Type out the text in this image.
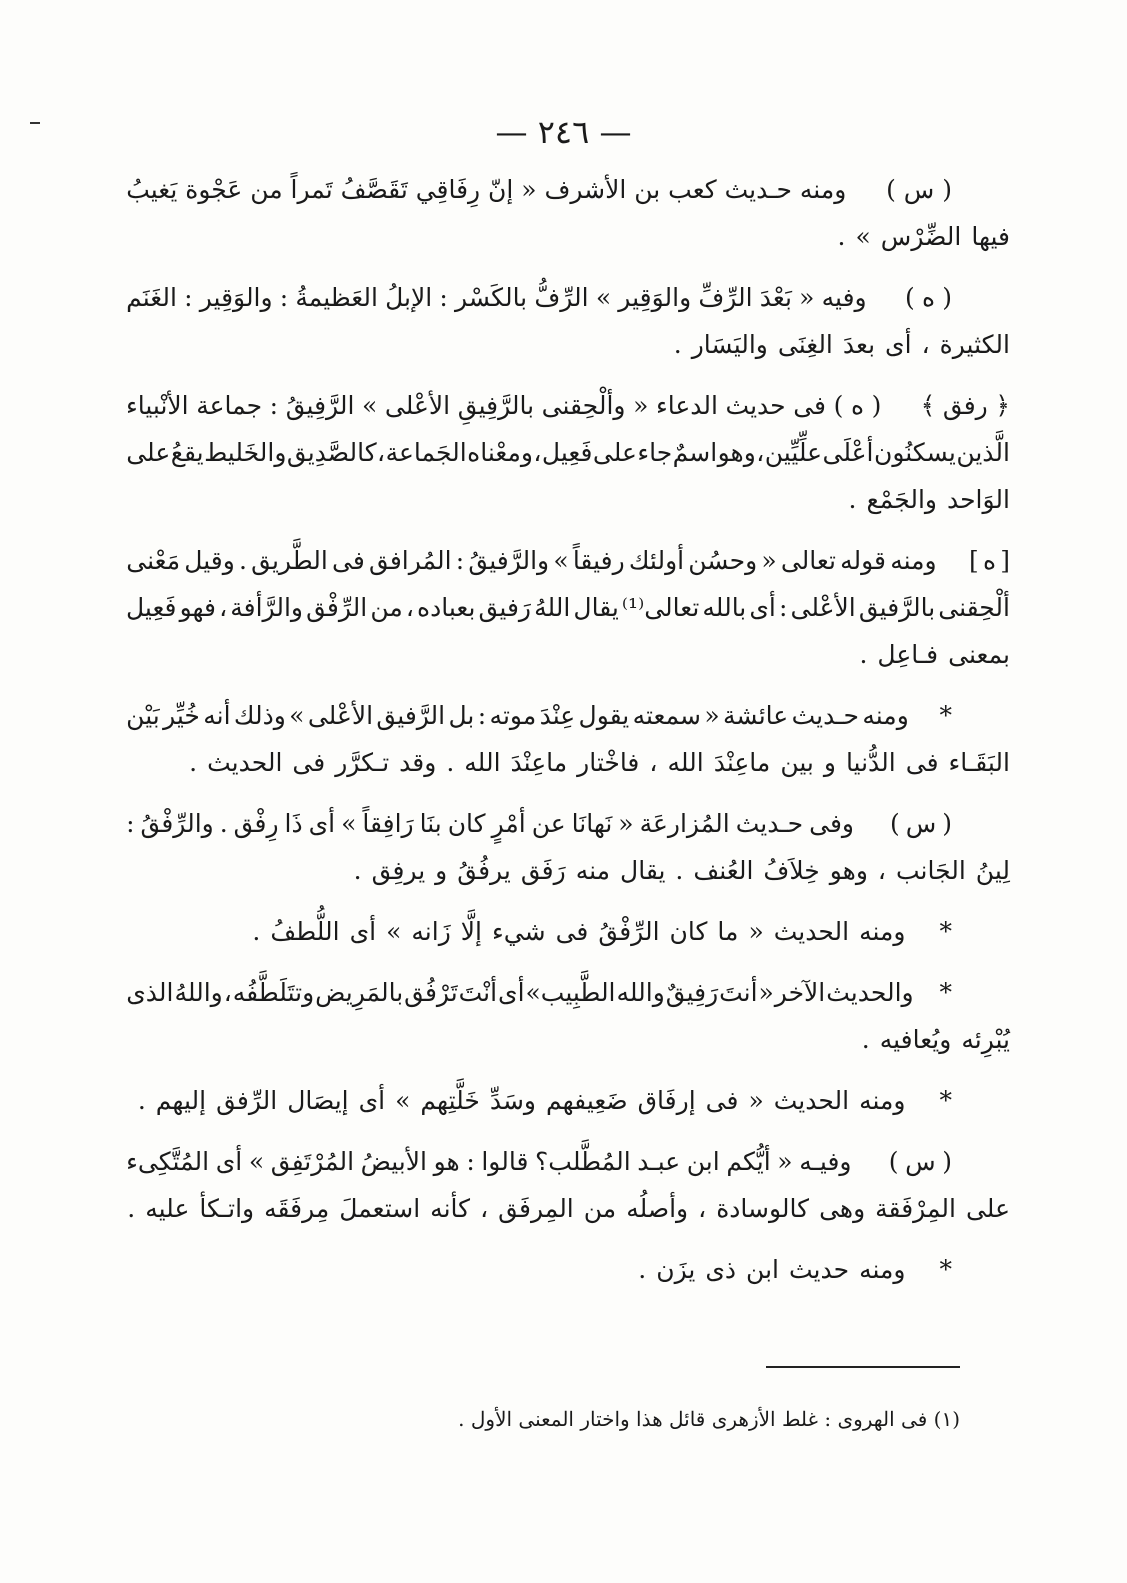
— ٢٤٦ —
(
س
)
ومنه
حـديث
كعب
بن
الأشرف
«
إنّ
رِفَاقِي
تَقَصَّفُ
تَمراً
من
عَجْوة
يَغيبُ
فيها
الضِّرْس
»
.
(
ه
)
وفيه
«
بَعْدَ
الرِّفِّ
والوَقِير
»
الرِّفُّ
بالكَسْر
:
الإبلُ
العَظيمةُ
:
والوَقِير
:
الغَنَم
الكثيرة
،
أى
بعدَ
الغِنَى
واليَسَار
.
﴿
رفق
﴾
(
ه
)
فى
حديث
الدعاء
«
وألْحِقنى
بالرَّفِيقِ
الأعْلى
»
الرَّفِيقُ
:
جماعة
الأنْبياء
الَّذين
يسكنُون
أعْلَى
علِّيِّين
،
وهو
اسمٌ
جاء
على
فَعِيل
،
ومعْناه
الجَماعة
،
كالصَّدِيق
والخَليط
يقعُ
على
الوَاحد
والجَمْع
.
[
ه
]
ومنه
قوله
تعالى
«
وحسُن
أولئك
رفيقاً
»
والرَّفيقُ
:
المُرافق
فى
الطَّريق
.
وقيل
مَعْنى
ألْحِقنى
بالرَّفيق
الأعْلى
:
أى
بالله
تعالى⁽¹⁾
يقال
اللهُ
رَفيق
بعباده
،
من
الرِّفْق
والرَّأفة
،
فهو
فَعِيل
بمعنى
فـاعِل
.
*
ومنه
حـديث
عائشة
«
سمعته
يقول
عِنْدَ
موته
:
بل
الرَّفيق
الأعْلى
»
وذلك
أنه
خُيِّر
بَيْن
البَقَـاء
فى
الدُّنيا
و
بين
ماعِنْدَ
الله
،
فاخْتار
ماعِنْدَ
الله
.
وقد
تـكرَّر
فى
الحديث
.
(
س
)
وفى
حـديث
المُزارعَة
«
نَهانَا
عن
أمْرٍ
كان
بنَا
رَافِقاً
»
أى
ذَا
رِفْق
.
والرِّفْقُ
:
لِينُ
الجَانب
،
وهو
خِلاَفُ
العُنف
.
يقال
منه
رَفَق
يرفُقُ
و
يرفِق
.
*
ومنه
الحديث
«
ما
كان
الرِّفْقُ
فى
شيء
إلَّا
زَانه
»
أى
اللُّطفُ
.
*
والحديث
الآخر
«
أنتَ
رَفِيقٌ
والله
الطَّبِيب»
أى
أنْتَ
تَرْفُق
بالمَرِيض
وتتَلَطَّفُه
،
واللهُ
الذى
يُبْرِئه
ويُعافيه
.
*
ومنه
الحديث
«
فى
إرفَاق
ضَعِيفهم
وسَدِّ
خَلَّتِهم
»
أى
إيصَال
الرِّفق
إليهم
.
(
س
)
وفيـه
«
أيُّكم
ابن
عبـد
المُطَّلب؟
قالوا
:
هو
الأبيضُ
المُرْتَفِق
»
أى
المُتَّكِىء
على
المِرْفَقة
وهى
كالوسادة
،
وأصلُه
من
المِرفَق
،
كأنه
استعملَ
مِرفَقَه
واتـكأ
عليه
.
*
ومنه
حديث
ابن
ذى
يزَن
.
(١) فى الهروى : غلط الأزهرى قائل هذا واختار المعنى الأول .
